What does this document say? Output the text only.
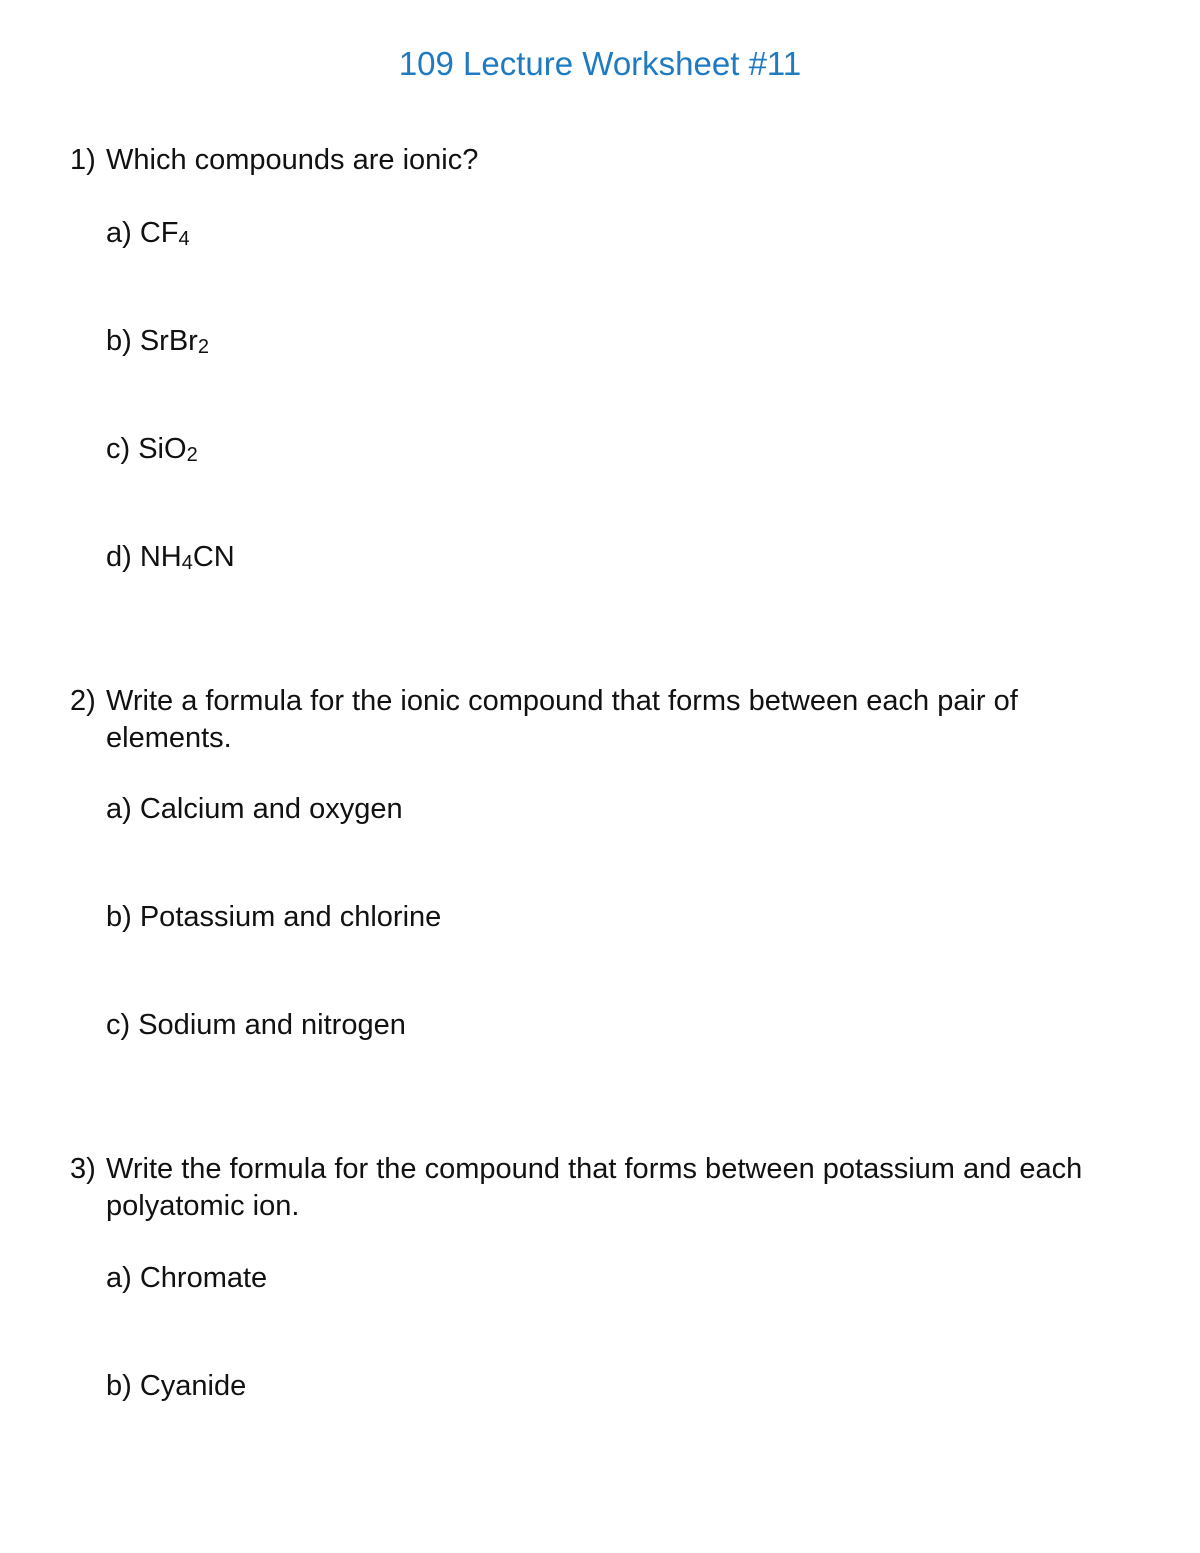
109 Lecture Worksheet #11
1) Which compounds are ionic?
a) CF4
b) SrBr2
c) SiO2
d) NH4CN
2) Write a formula for the ionic compound that forms between each pair of elements.
a) Calcium and oxygen
b) Potassium and chlorine
c) Sodium and nitrogen
3) Write the formula for the compound that forms between potassium and each polyatomic ion.
a) Chromate
b) Cyanide
